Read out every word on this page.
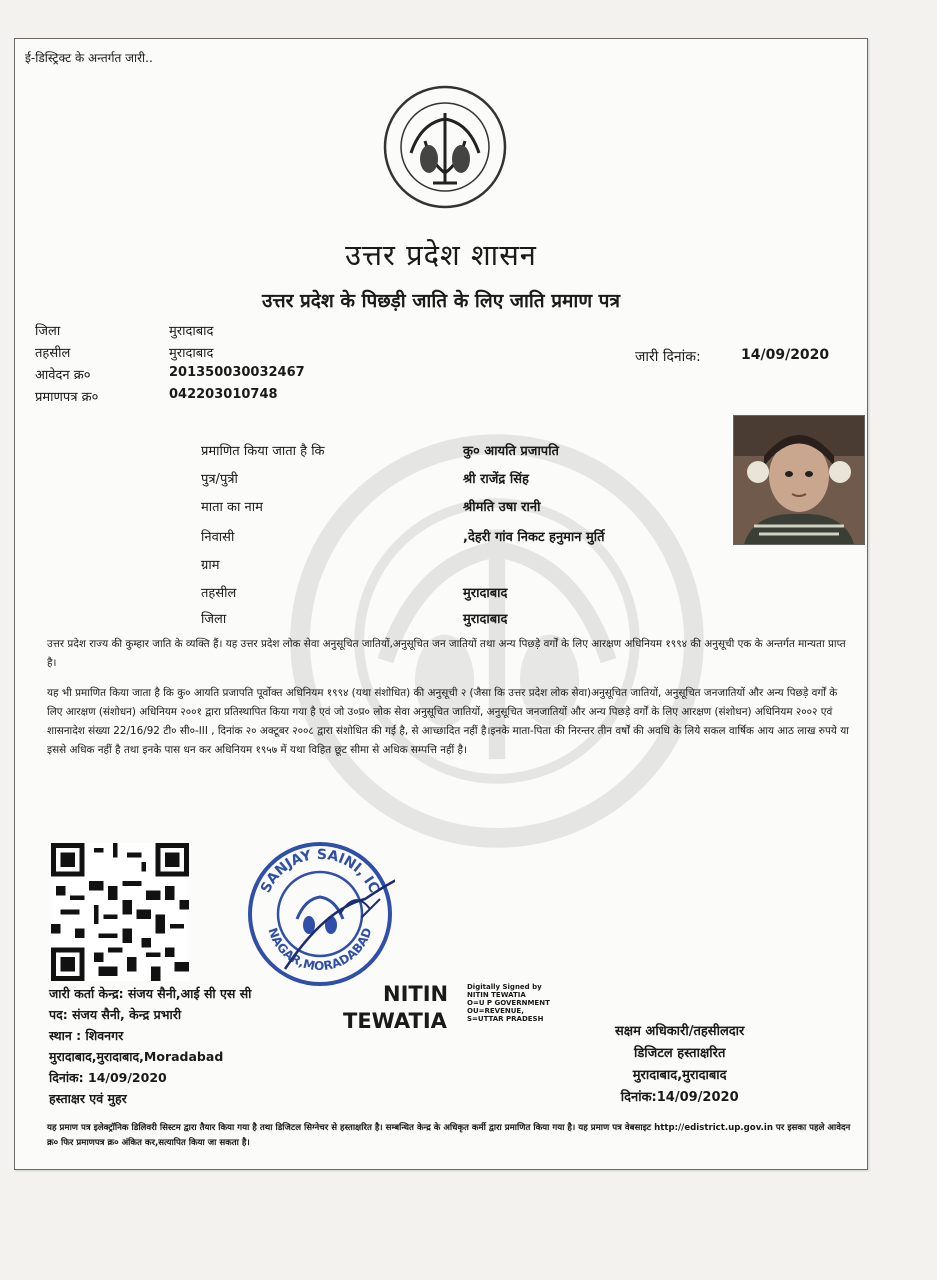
ई-डिस्ट्रिक्ट के अन्तर्गत जारी..
उत्तर प्रदेश शासन
उत्तर प्रदेश के पिछड़ी जाति के लिए जाति प्रमाण पत्र
जिला	मुरादाबाद
तहसील	मुरादाबाद
आवेदन क्र०	201350030032467
प्रमाणपत्र क्र०	042203010748
जारी दिनांक:	14/09/2020
प्रमाणित किया जाता है कि	कु० आयति प्रजापति
पुत्र/पुत्री	श्री राजेंद्र सिंह
माता का नाम	श्रीमति उषा रानी
निवासी	,देहरी गांव निकट हनुमान मुर्ति
ग्राम
तहसील	मुरादाबाद
जिला	मुरादाबाद
उत्तर प्रदेश राज्य की कुम्हार जाति के व्यक्ति हैं। यह उत्तर प्रदेश लोक सेवा अनुसूचित जातियों,अनुसूचित जन जातियों तथा अन्य पिछड़े वर्गों के लिए आरक्षण अधिनियम १९९४ की अनुसूची एक के अन्तर्गत मान्यता प्राप्त है।
यह भी प्रमाणित किया जाता है कि कु० आयति प्रजापति पूर्वोक्त अधिनियम १९९४ (यथा संशोधित) की अनुसूची २ (जैसा कि उत्तर प्रदेश लोक सेवा)अनुसूचित जातियों, अनुसूचित जनजातियों और अन्य पिछड़े वर्गों के लिए आरक्षण (संशोधन) अधिनियम २००१ द्वारा प्रतिस्थापित किया गया है एवं जो उ०प्र० लोक सेवा अनुसूचित जातियों, अनुसूचित जनजातियों और अन्य पिछड़े वर्गों के लिए आरक्षण (संशोधन) अधिनियम २००२ एवं शासनादेश संख्या 22/16/92 टी० सी०-III , दिनांक २० अक्टूबर २००८ द्वारा संशोधित की गई है, से आच्छादित नहीं है।इनके माता-पिता की निरन्तर तीन वर्षों की अवधि के लिये सकल वार्षिक आय आठ लाख रुपये या इससे अधिक नहीं है तथा इनके पास धन कर अधिनियम १९५७ में यथा विहित छूट सीमा से अधिक सम्पत्ति नहीं है।
SANJAY SAINI, IC
NAGAR,MORADABAD
जारी कर्ता केन्द्र: संजय सैनी,आई सी एस सी
पद: संजय सैनी, केन्द्र प्रभारी
स्थान : शिवनगर
मुरादाबाद,मुरादाबाद,Moradabad
दिनांक: 14/09/2020
हस्ताक्षर एवं मुहर
NITIN
TEWATIA
Digitally Signed by
NITIN TEWATIA
O=U P GOVERNMENT
OU=REVENUE,
S=UTTAR PRADESH
सक्षम अधिकारी/तहसीलदार
डिजिटल हस्ताक्षरित
मुरादाबाद,मुरादाबाद
दिनांक:14/09/2020
यह प्रमाण पत्र इलेक्ट्रॉनिक डिलिवरी सिस्टम द्वारा तैयार किया गया है तथा डिजिटल सिग्नेचर से हस्ताक्षरित है। सम्बन्धित केन्द्र के अधिकृत कर्मी द्वारा प्रमाणित किया गया है। यह प्रमाण पत्र वेबसाइट http://edistrict.up.gov.in पर इसका पहले आवेदन क्र० फिर प्रमाणपत्र क्र० अंकित कर,सत्यापित किया जा सकता है।
